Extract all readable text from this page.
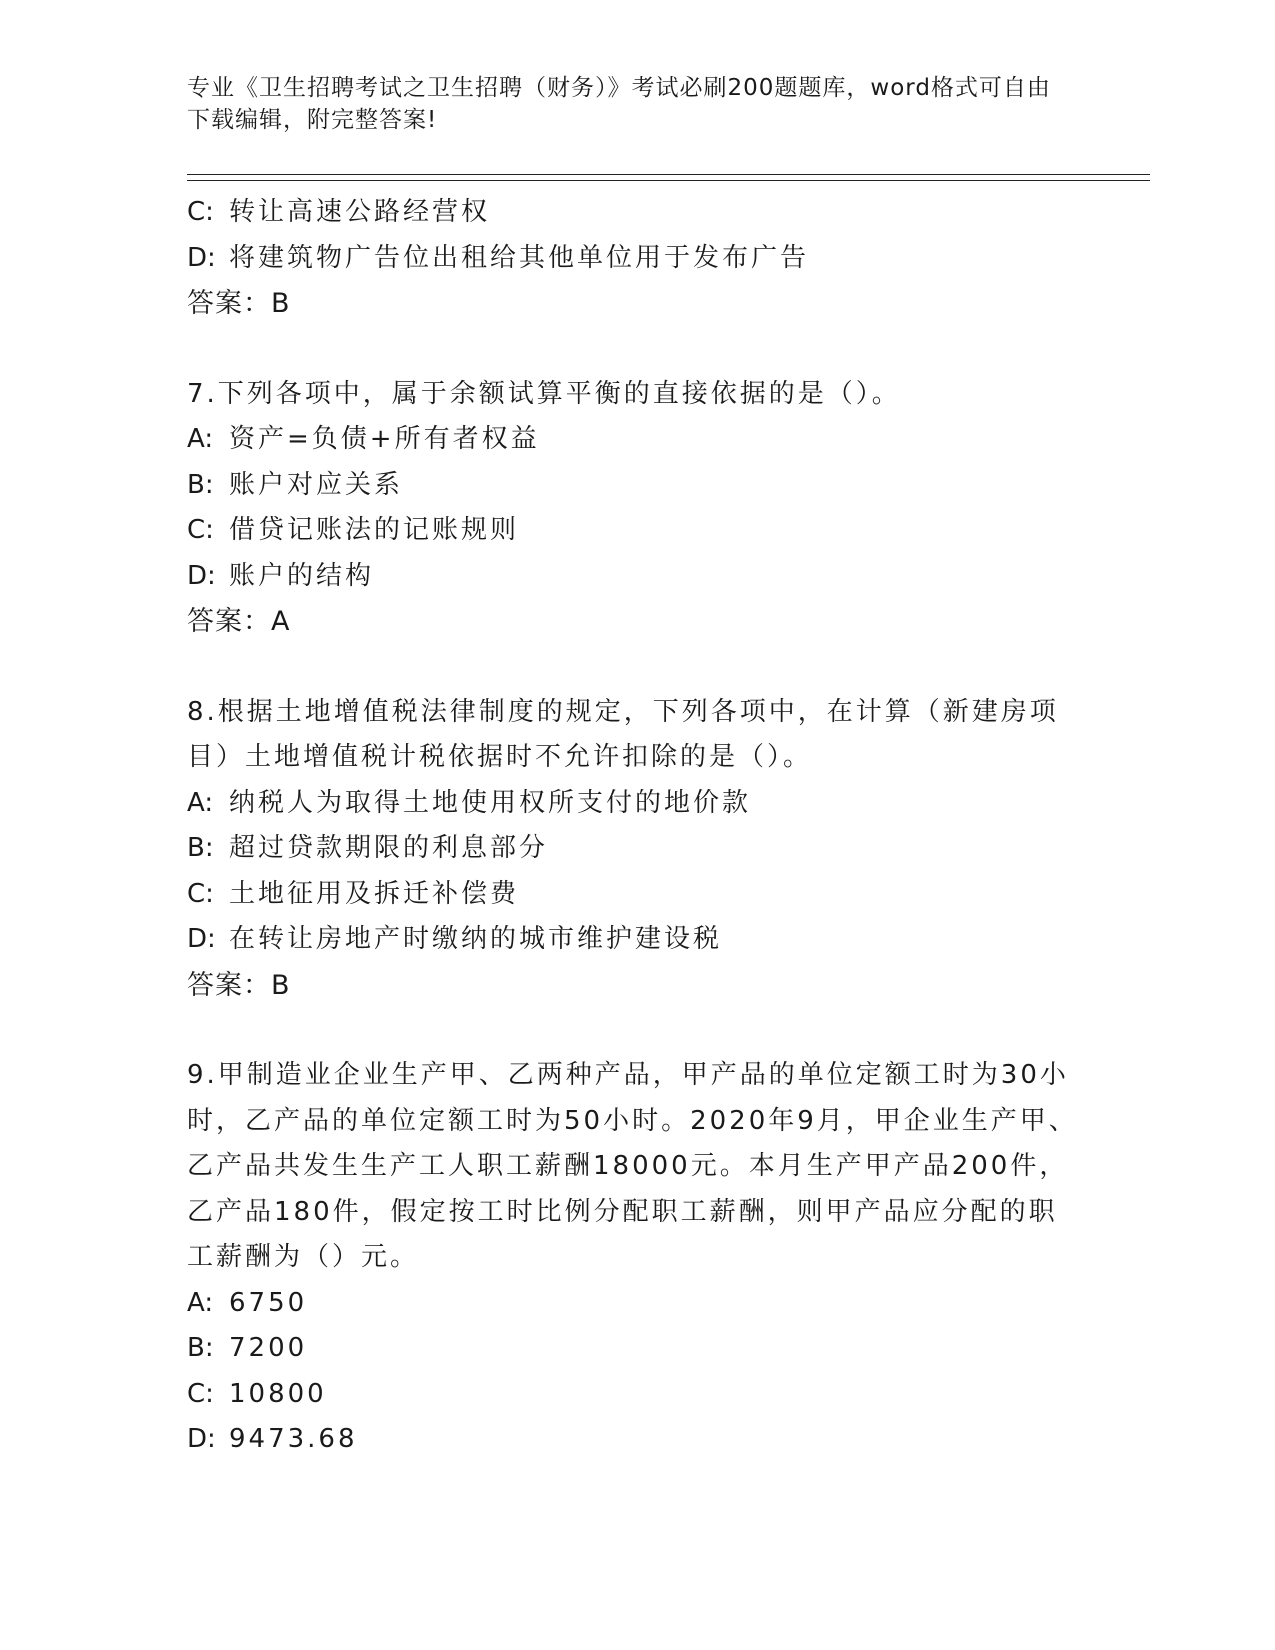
专业《卫生招聘考试之卫生招聘（财务）》考试必刷200题题库，word格式可自由下载编辑，附完整答案!
C: 转让高速公路经营权
D: 将建筑物广告位出租给其他单位用于发布广告
答案：B
7.下列各项中，属于余额试算平衡的直接依据的是（）。
A: 资产=负债+所有者权益
B: 账户对应关系
C: 借贷记账法的记账规则
D: 账户的结构
答案：A
8.根据土地增值税法律制度的规定，下列各项中，在计算（新建房项
目）土地增值税计税依据时不允许扣除的是（）。
A: 纳税人为取得土地使用权所支付的地价款
B: 超过贷款期限的利息部分
C: 土地征用及拆迁补偿费
D: 在转让房地产时缴纳的城市维护建设税
答案：B
9.甲制造业企业生产甲、乙两种产品，甲产品的单位定额工时为30小
时，乙产品的单位定额工时为50小时。2020年9月，甲企业生产甲、
乙产品共发生生产工人职工薪酬18000元。本月生产甲产品200件，
乙产品180件，假定按工时比例分配职工薪酬，则甲产品应分配的职
工薪酬为（）元。
A: 6750
B: 7200
C: 10800
D: 9473.68
